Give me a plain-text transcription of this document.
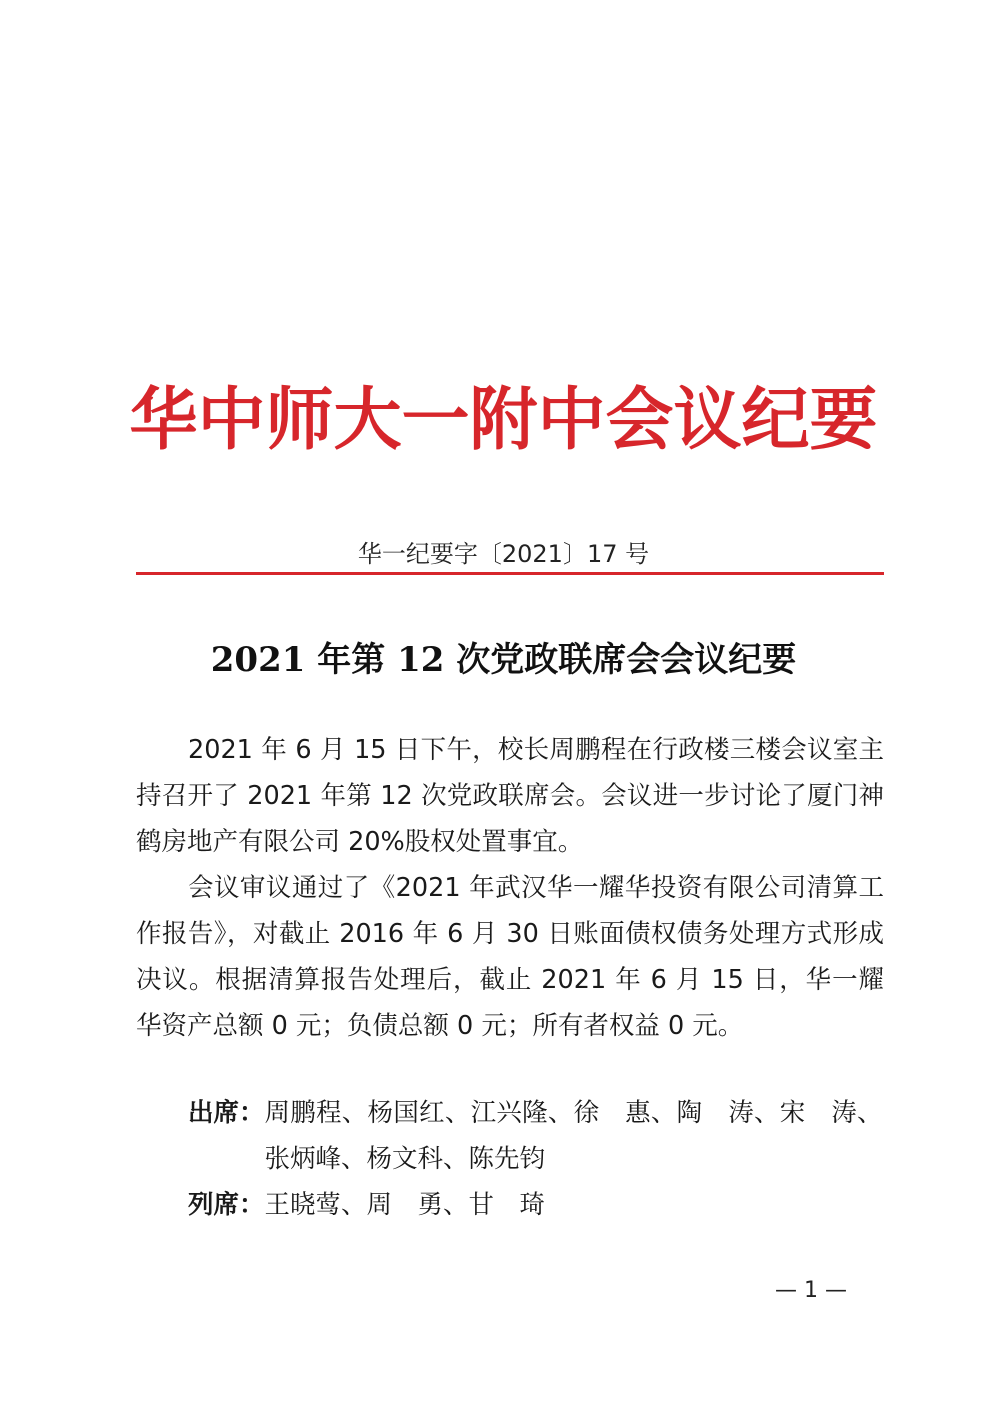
华中师大一附中会议纪要
华一纪要字〔2021〕17 号
2021 年第 12 次党政联席会会议纪要

2021 年 6 月 15 日下午，校长周鹏程在行政楼三楼会议室主持召开了 2021 年第 12 次党政联席会。会议进一步讨论了厦门神鹤房地产有限公司 20%股权处置事宜。

会议审议通过了《2021 年武汉华一耀华投资有限公司清算工作报告》，对截止 2016 年 6 月 30 日账面债权债务处理方式形成决议。根据清算报告处理后，截止 2021 年 6 月 15 日，华一耀华资产总额 0 元；负债总额 0 元；所有者权益 0 元。

出席： 周鹏程、杨国红、江兴隆、徐　惠、陶　涛、宋　涛、张炳峰、杨文科、陈先钧
列席： 王晓莺、周　勇、甘　琦
— 1 —
